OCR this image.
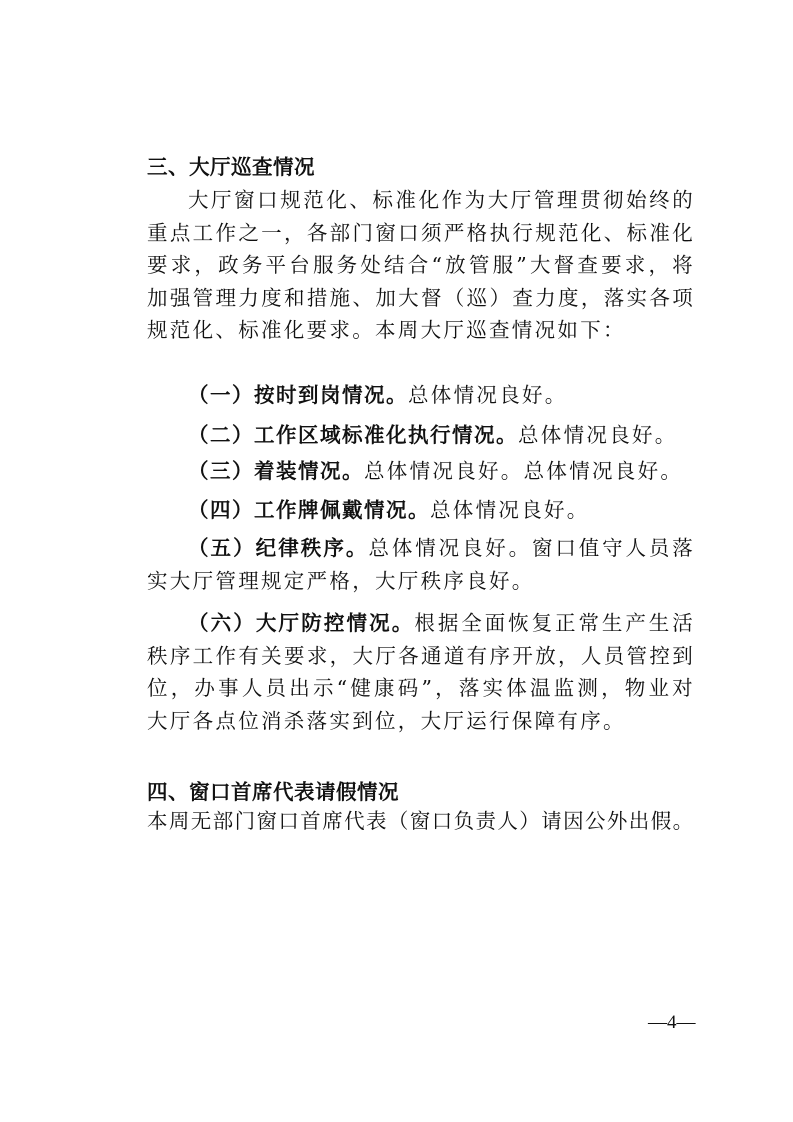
三、大厅巡查情况
大厅窗口规范化、标准化作为大厅管理贯彻始终的重点工作之一，各部门窗口须严格执行规范化、标准化要求，政务平台服务处结合“放管服”大督查要求，将加强管理力度和措施、加大督（巡）查力度，落实各项规范化、标准化要求。本周大厅巡查情况如下：
（一）按时到岗情况。总体情况良好。
（二）工作区域标准化执行情况。总体情况良好。
（三）着装情况。总体情况良好。总体情况良好。
（四）工作牌佩戴情况。总体情况良好。
（五）纪律秩序。总体情况良好。窗口值守人员落实大厅管理规定严格，大厅秩序良好。
（六）大厅防控情况。根据全面恢复正常生产生活秩序工作有关要求，大厅各通道有序开放，人员管控到位，办事人员出示“健康码”，落实体温监测，物业对大厅各点位消杀落实到位，大厅运行保障有序。
四、窗口首席代表请假情况
本周无部门窗口首席代表（窗口负责人）请因公外出假。
—4—
